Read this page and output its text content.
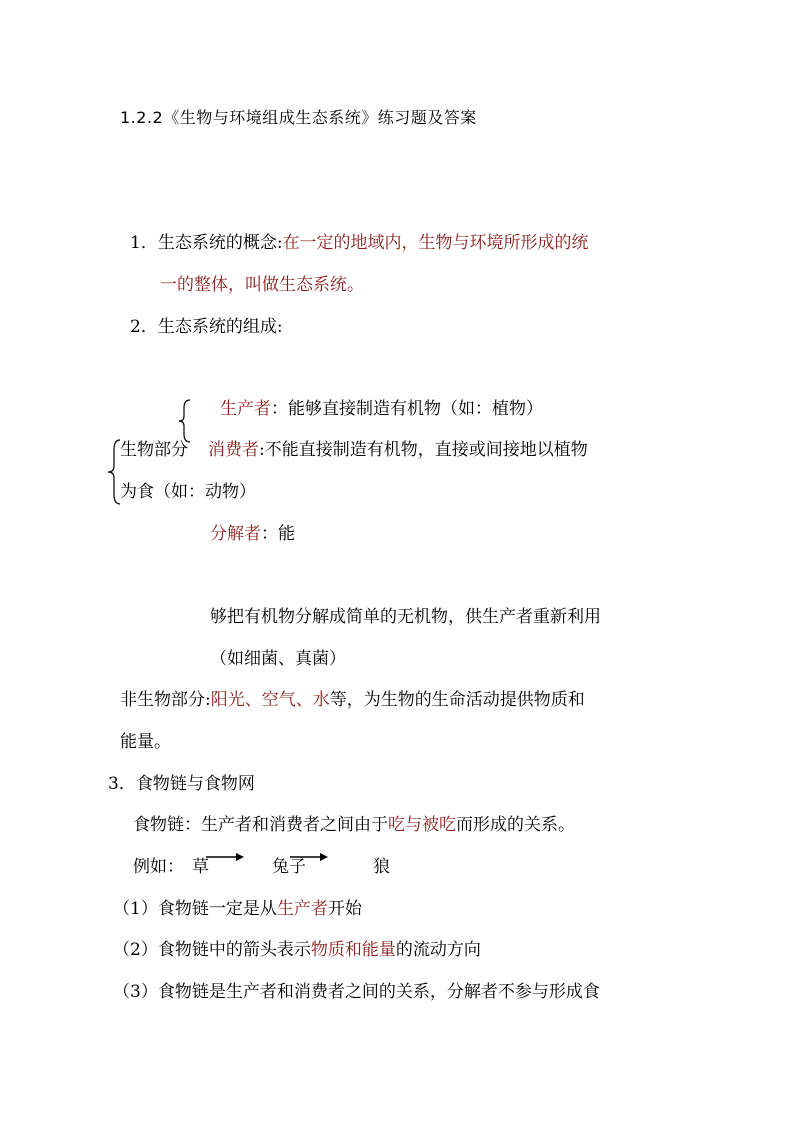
1.2.2《生物与环境组成生态系统》练习题及答案
1．生态系统的概念:在一定的地域内，生物与环境所形成的统
一的整体，叫做生态系统。
2．生态系统的组成:
生产者：能够直接制造有机物（如：植物）
生物部分 消费者:不能直接制造有机物，直接或间接地以植物
为食（如：动物）
分解者：能
够把有机物分解成简单的无机物，供生产者重新利用
（如细菌、真菌）
非生物部分:阳光、空气、水等，为生物的生命活动提供物质和
能量。
3．食物链与食物网
食物链：生产者和消费者之间由于吃与被吃而形成的关系。
例如： 草	兔子	狼
（1）食物链一定是从生产者开始
（2）食物链中的箭头表示物质和能量的流动方向
（3）食物链是生产者和消费者之间的关系，分解者不参与形成食
